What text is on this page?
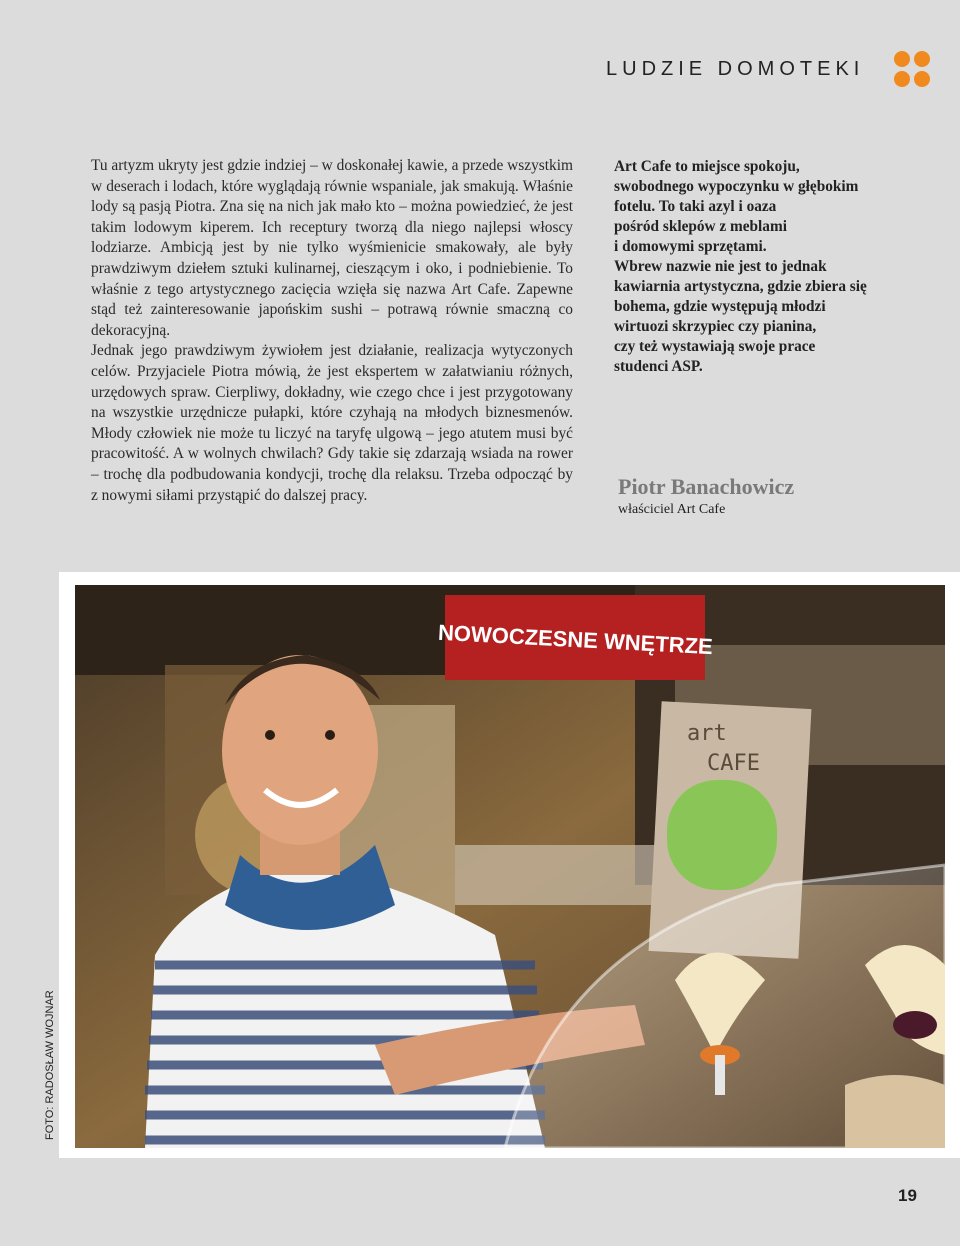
LUDZIE DOMOTEKI

Tu artyzm ukryty jest gdzie indziej – w doskonałej kawie, a przede wszystkim w deserach i lodach, które wyglądają równie wspaniale, jak smakują. Właśnie lody są pasją Piotra. Zna się na nich jak mało kto – można powiedzieć, że jest takim lodowym kiperem. Ich receptury tworzą dla niego najlepsi włoscy lodziarze. Ambicją jest by nie tylko wyśmienicie smakowały, ale były prawdziwym dziełem sztuki kulinarnej, cieszącym i oko, i podniebienie. To właśnie z tego artystycznego zacięcia wzięła się nazwa Art Cafe. Zapewne stąd też zainteresowanie japońskim sushi – potrawą równie smaczną co dekoracyjną.

Jednak jego prawdziwym żywiołem jest działanie, realizacja wytyczonych celów. Przyjaciele Piotra mówią, że jest ekspertem w załatwianiu różnych, urzędowych spraw. Cierpliwy, dokładny, wie czego chce i jest przygotowany na wszystkie urzędnicze pułapki, które czyhają na młodych biznesmenów. Młody człowiek nie może tu liczyć na taryfę ulgową – jego atutem musi być pracowitość. A w wolnych chwilach? Gdy takie się zdarzają wsiada na rower – trochę dla podbudowania kondycji, trochę dla relaksu. Trzeba odpocząć by z nowymi siłami przystąpić do dalszej pracy.

Art Cafe to miejsce spokoju,
swobodnego wypoczynku w głębokim
fotelu. To taki azyl i oaza
pośród sklepów z meblami
i domowymi sprzętami.
Wbrew nazwie nie jest to jednak
kawiarnia artystyczna, gdzie zbiera się
bohema, gdzie występują młodzi
wirtuozi skrzypiec czy pianina,
czy też wystawiają swoje prace
studenci ASP.
Piotr Banachowicz
właściciel Art Cafe
NOWOCZESNE WNĘTRZE
art
CAFE
FOTO: RADOSŁAW WOJNAR
19
